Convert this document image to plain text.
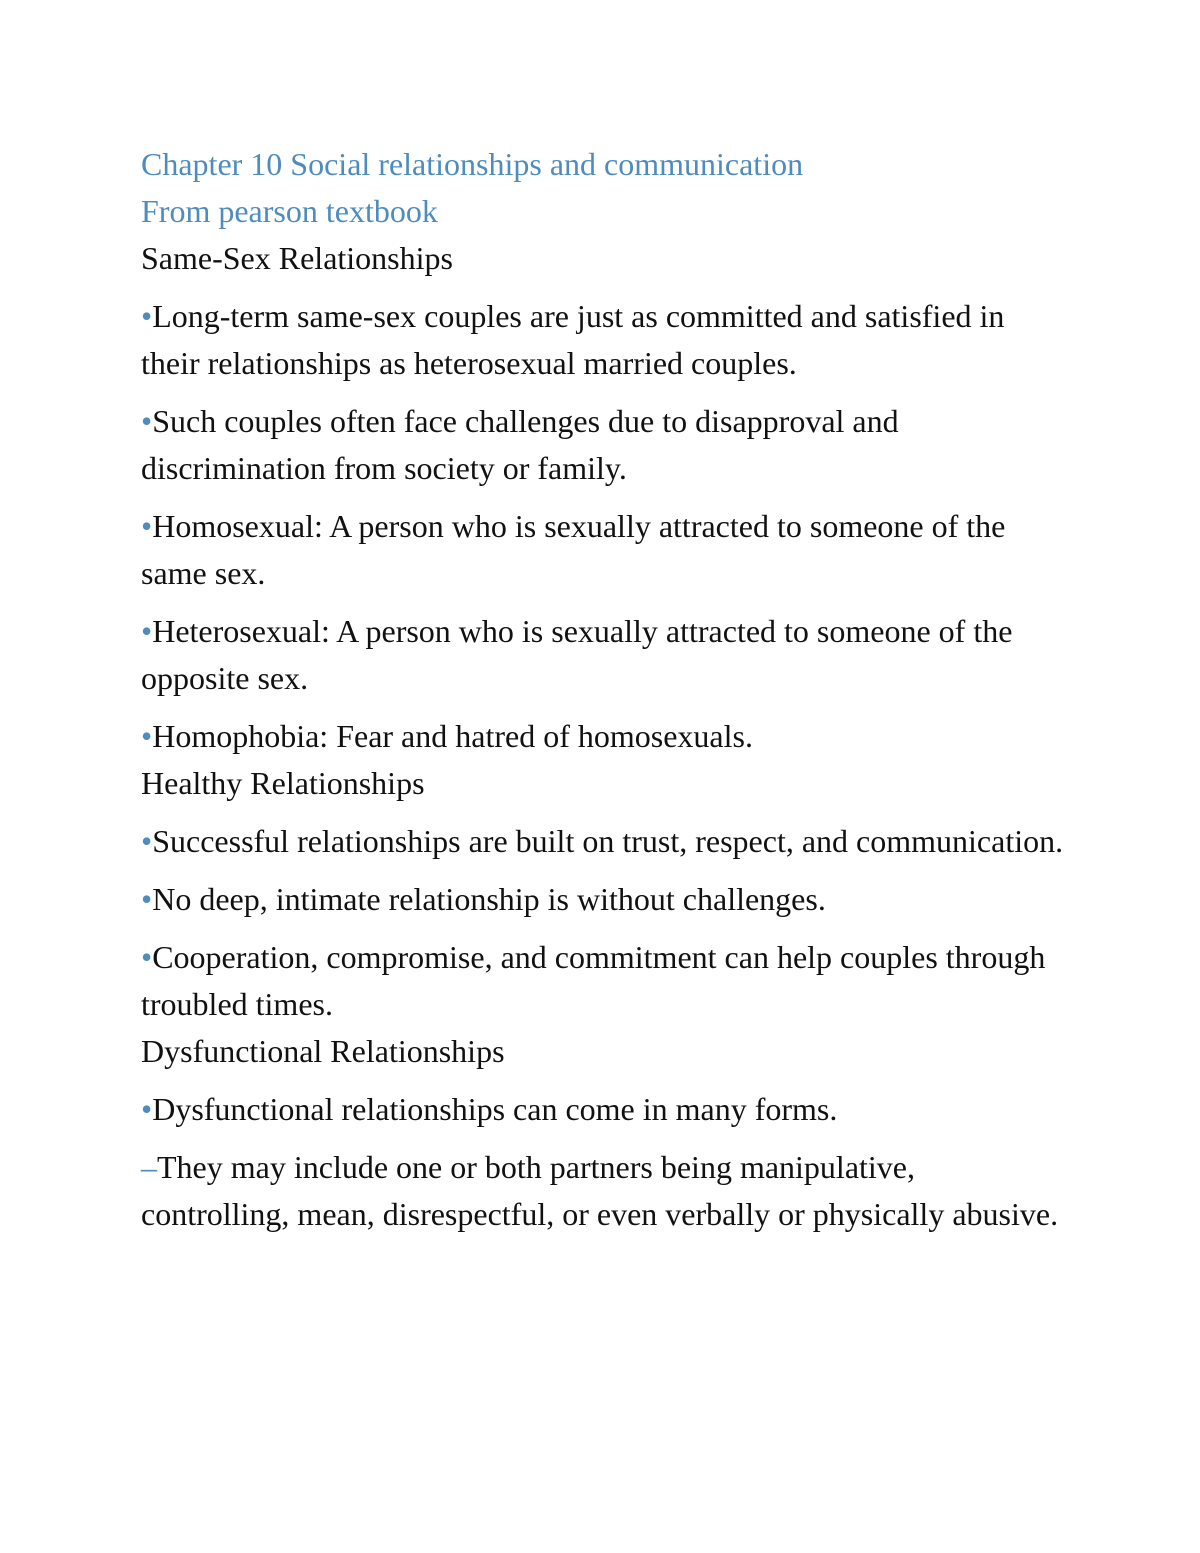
Chapter 10 Social relationships and communication
From pearson textbook
Same-Sex Relationships
•Long-term same-sex couples are just as committed and satisfied in their relationships as heterosexual married couples.
•Such couples often face challenges due to disapproval and discrimination from society or family.
•Homosexual: A person who is sexually attracted to someone of the same sex.
•Heterosexual: A person who is sexually attracted to someone of the opposite sex.
•Homophobia: Fear and hatred of homosexuals.
Healthy Relationships
•Successful relationships are built on trust, respect, and communication.
•No deep, intimate relationship is without challenges.
•Cooperation, compromise, and commitment can help couples through troubled times.
Dysfunctional Relationships
•Dysfunctional relationships can come in many forms.
–They may include one or both partners being manipulative, controlling, mean, disrespectful, or even verbally or physically abusive.
